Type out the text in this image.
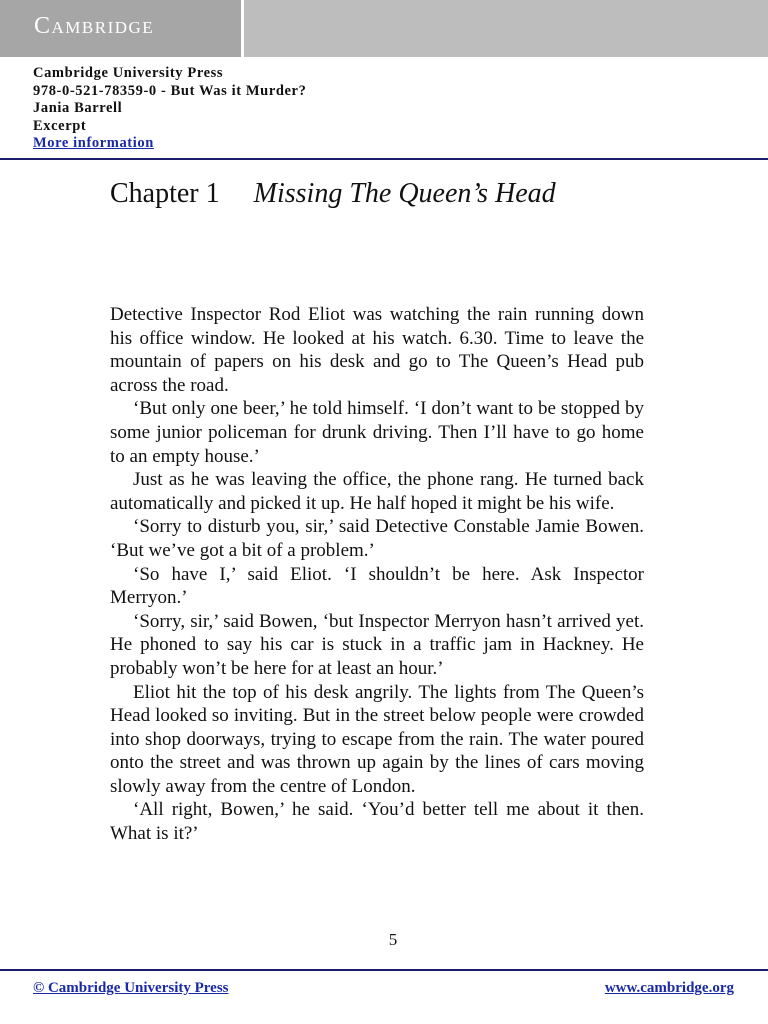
Cambridge
Cambridge University Press
978-0-521-78359-0 - But Was it Murder?
Jania Barrell
Excerpt
More information
Chapter 1 Missing The Queen’s Head

Detective Inspector Rod Eliot was watching the rain running down his office window. He looked at his watch. 6.30. Time to leave the mountain of papers on his desk and go to The Queen’s Head pub across the road.

‘But only one beer,’ he told himself. ‘I don’t want to be stopped by some junior policeman for drunk driving. Then I’ll have to go home to an empty house.’

Just as he was leaving the office, the phone rang. He turned back automatically and picked it up. He half hoped it might be his wife.

‘Sorry to disturb you, sir,’ said Detective Constable Jamie Bowen. ‘But we’ve got a bit of a problem.’

‘So have I,’ said Eliot. ‘I shouldn’t be here. Ask Inspector Merryon.’

‘Sorry, sir,’ said Bowen, ‘but Inspector Merryon hasn’t arrived yet. He phoned to say his car is stuck in a traffic jam in Hackney. He probably won’t be here for at least an hour.’

Eliot hit the top of his desk angrily. The lights from The Queen’s Head looked so inviting. But in the street below people were crowded into shop doorways, trying to escape from the rain. The water poured onto the street and was thrown up again by the lines of cars moving slowly away from the centre of London.

‘All right, Bowen,’ he said. ‘You’d better tell me about it then. What is it?’

5
© Cambridge University Press	www.cambridge.org
